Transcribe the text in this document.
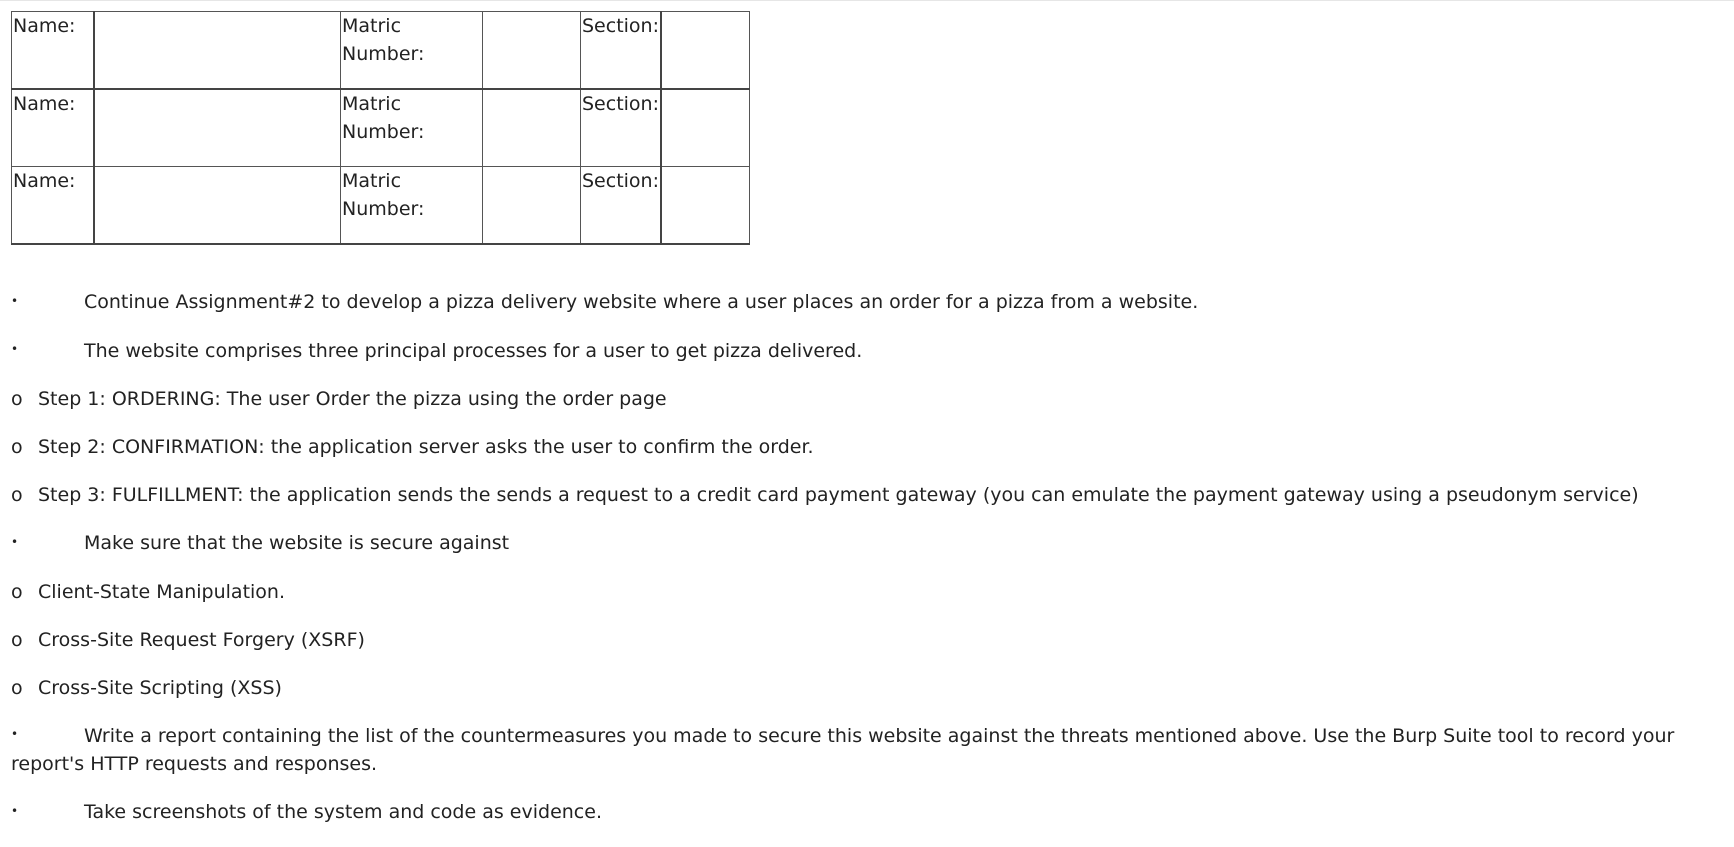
Name:		Matric Number:		Section:	
Name:		Matric Number:		Section:	
Name:		Matric Number:		Section:	

•	Continue Assignment#2 to develop a pizza delivery website where a user places an order for a pizza from a website.

•	The website comprises three principal processes for a user to get pizza delivered.

o Step 1: ORDERING: The user Order the pizza using the order page

o Step 2: CONFIRMATION: the application server asks the user to confirm the order.

o Step 3: FULFILLMENT: the application sends the sends a request to a credit card payment gateway (you can emulate the payment gateway using a pseudonym service)

•	Make sure that the website is secure against

o Client-State Manipulation.

o Cross-Site Request Forgery (XSRF)

o Cross-Site Scripting (XSS)

•	Write a report containing the list of the countermeasures you made to secure this website against the threats mentioned above. Use the Burp Suite tool to record your report's HTTP requests and responses.

•	Take screenshots of the system and code as evidence.
